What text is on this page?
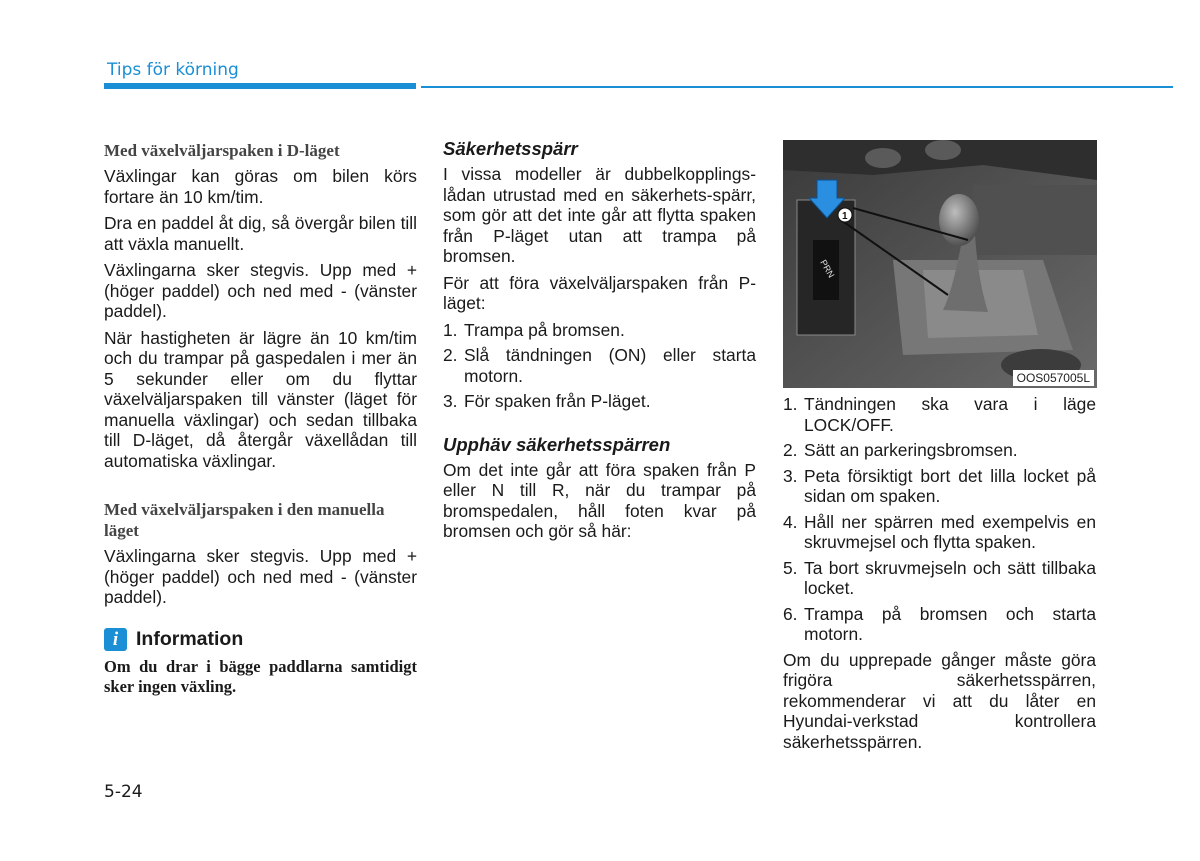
Tips för körning

Med växelväljarspaken i D-läget

Växlingar kan göras om bilen körs fortare än 10 km/tim.

Dra en paddel åt dig, så övergår bilen till att växla manuellt.

Växlingarna sker stegvis. Upp med + (höger paddel) och ned med - (vänster paddel).

När hastigheten är lägre än 10 km/tim och du trampar på gaspedalen i mer än 5 sekunder eller om du flyttar växelväljarspaken till vänster (läget för manuella växlingar) och sedan tillbaka till D-läget, då återgår växellådan till automatiska växlingar.

Med växelväljarspaken i den manuella läget

Växlingarna sker stegvis. Upp med + (höger paddel) och ned med - (vänster paddel).

i Information

Om du drar i bägge paddlarna samtidigt sker ingen växling.

Säkerhetsspärr

I vissa modeller är dubbelkopplings-lådan utrustad med en säkerhets-spärr, som gör att det inte går att flytta spaken från P-läget utan att trampa på bromsen.

För att föra växelväljarspaken från P-läget:

1. Trampa på bromsen.
2. Slå tändningen (ON) eller starta motorn.
3. För spaken från P-läget.

Upphäv säkerhetsspärren

Om det inte går att föra spaken från P eller N till R, när du trampar på bromspedalen, håll foten kvar på bromsen och gör så här:

PRN
1
OOS057005L
1. Tändningen ska vara i läge LOCK/OFF.
2. Sätt an parkeringsbromsen.
3. Peta försiktigt bort det lilla locket på sidan om spaken.
4. Håll ner spärren med exempelvis en skruvmejsel och flytta spaken.
5. Ta bort skruvmejseln och sätt tillbaka locket.
6. Trampa på bromsen och starta motorn.

Om du upprepade gånger måste göra frigöra säkerhetsspärren, rekommenderar vi att du låter en Hyundai-verkstad kontrollera säkerhetsspärren.

5-24
